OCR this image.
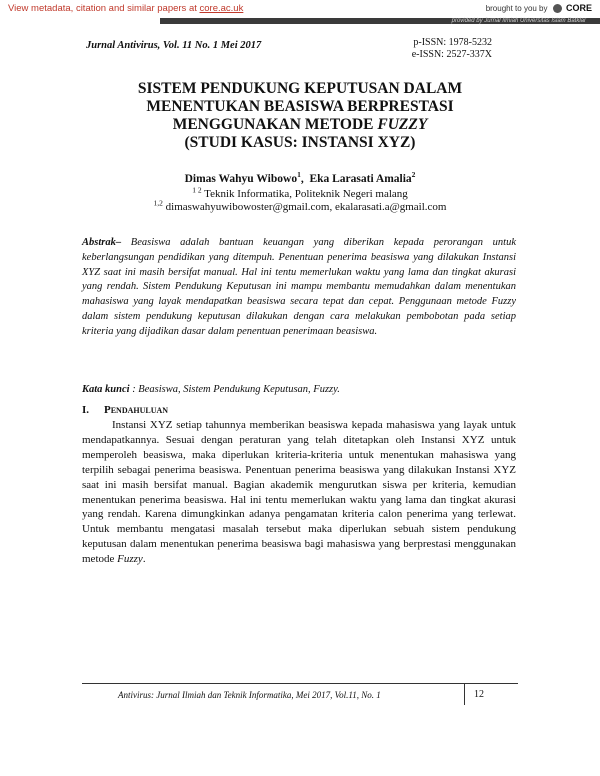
View metadata, citation and similar papers at core.ac.uk	brought to you by CORE
provided by Jurnal Ilmiah Universitas Islam Batklar
Jurnal Antivirus, Vol. 11 No. 1 Mei 2017	p-ISSN: 1978-5232
e-ISSN: 2527-337X
SISTEM PENDUKUNG KEPUTUSAN DALAM
MENENTUKAN BEASISWA BERPRESTASI
MENGGUNAKAN METODE FUZZY
(STUDI KASUS: INSTANSI XYZ)
Dimas Wahyu Wibowo$^1$,  Eka Larasati Amalia$^2$
$^{1 2}$ Teknik Informatika, Politeknik Negeri malang
$^{1,2}$ dimaswahyuwibowoster@gmail.com, ekalarasati.a@gmail.com
Abstrak– Beasiswa adalah bantuan keuangan yang diberikan kepada perorangan untuk keberlangsungan pendidikan yang ditempuh. Penentuan penerima beasiswa yang dilakukan Instansi XYZ saat ini masih bersifat manual. Hal ini tentu memerlukan waktu yang lama dan tingkat akurasi yang rendah. Sistem Pendukung Keputusan ini mampu membantu memudahkan dalam menentukan mahasiswa yang layak mendapatkan beasiswa secara tepat dan cepat. Penggunaan metode Fuzzy dalam sistem pendukung keputusan dilakukan dengan cara melakukan pembobotan pada setiap kriteria yang dijadikan dasar dalam penentuan penerimaan beasiswa.
Kata kunci : Beasiswa, Sistem Pendukung Keputusan, Fuzzy.
I. Pendahuluan
Instansi XYZ setiap tahunnya memberikan beasiswa kepada mahasiswa yang layak untuk mendapatkannya. Sesuai dengan peraturan yang telah ditetapkan oleh Instansi XYZ untuk memperoleh beasiswa, maka diperlukan kriteria-kriteria untuk menentukan mahasiswa yang terpilih sebagai penerima beasiswa. Penentuan penerima beasiswa yang dilakukan Instansi XYZ saat ini masih bersifat manual. Bagian akademik mengurutkan siswa per kriteria, kemudian menentukan penerima beasiswa. Hal ini tentu memerlukan waktu yang lama dan tingkat akurasi yang rendah. Karena dimungkinkan adanya pengamatan kriteria calon penerima yang terlewat. Untuk membantu mengatasi masalah tersebut maka diperlukan sebuah sistem pendukung keputusan dalam menentukan penerima beasiswa bagi mahasiswa yang berprestasi menggunakan metode Fuzzy.
Antivirus: Jurnal Ilmiah dan Teknik Informatika, Mei 2017, Vol.11, No. 1	12
